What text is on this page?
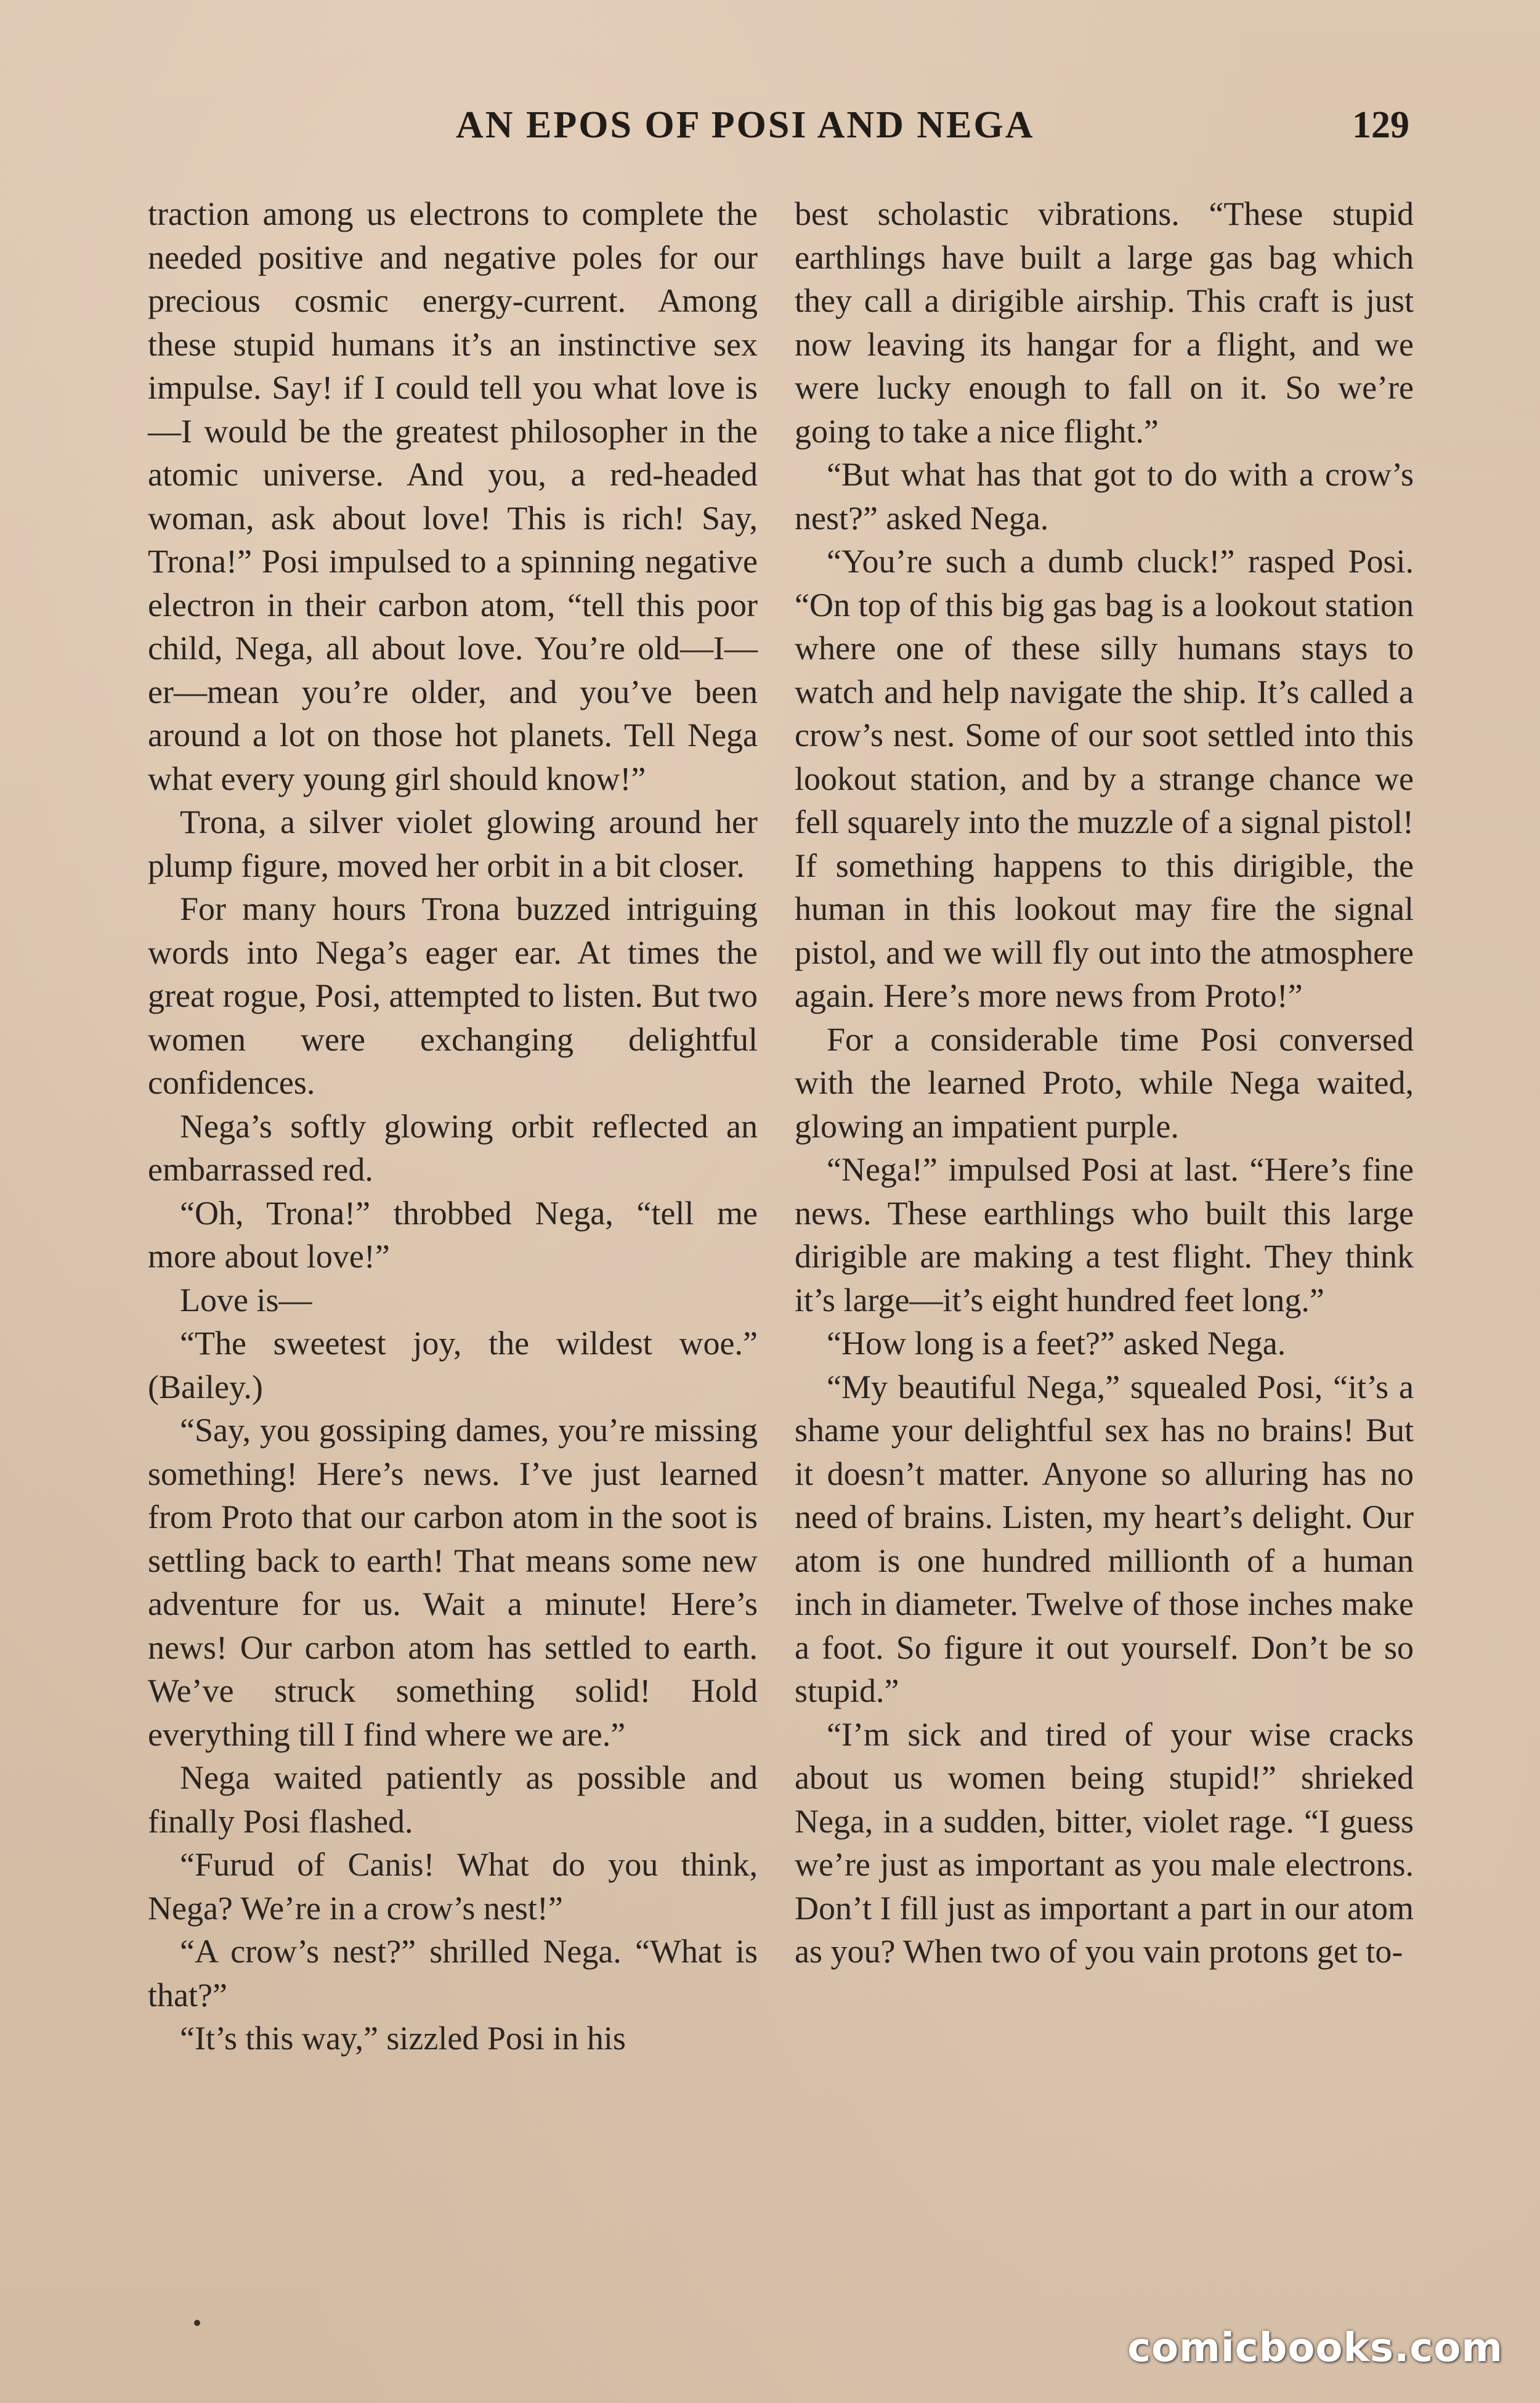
AN EPOS OF POSI AND NEGA	129

traction among us electrons to complete the needed positive and negative poles for our precious cosmic energy-current. Among these stupid humans it’s an instinctive sex impulse. Say! if I could tell you what love is—I would be the greatest philosopher in the atomic universe. And you, a red-headed woman, ask about love! This is rich! Say, Trona!” Posi impulsed to a spinning negative electron in their carbon atom, “tell this poor child, Nega, all about love. You’re old—I—er—mean you’re older, and you’ve been around a lot on those hot planets. Tell Nega what every young girl should know!”

Trona, a silver violet glowing around her plump figure, moved her orbit in a bit closer.

For many hours Trona buzzed intriguing words into Nega’s eager ear. At times the great rogue, Posi, attempted to listen. But two women were exchanging delightful confidences.

Nega’s softly glowing orbit reflected an embarrassed red.

“Oh, Trona!” throbbed Nega, “tell me more about love!”

Love is—

“The sweetest joy, the wildest woe.” (Bailey.)

“Say, you gossiping dames, you’re missing something! Here’s news. I’ve just learned from Proto that our carbon atom in the soot is settling back to earth! That means some new adventure for us. Wait a minute! Here’s news! Our carbon atom has settled to earth. We’ve struck something solid! Hold everything till I find where we are.”

Nega waited patiently as possible and finally Posi flashed.

“Furud of Canis! What do you think, Nega? We’re in a crow’s nest!”

“A crow’s nest?” shrilled Nega. “What is that?”

“It’s this way,” sizzled Posi in his

best scholastic vibrations. “These stupid earthlings have built a large gas bag which they call a dirigible airship. This craft is just now leaving its hangar for a flight, and we were lucky enough to fall on it. So we’re going to take a nice flight.”

“But what has that got to do with a crow’s nest?” asked Nega.

“You’re such a dumb cluck!” rasped Posi. “On top of this big gas bag is a lookout station where one of these silly humans stays to watch and help navigate the ship. It’s called a crow’s nest. Some of our soot settled into this lookout station, and by a strange chance we fell squarely into the muzzle of a signal pistol! If something happens to this dirigible, the human in this lookout may fire the signal pistol, and we will fly out into the atmosphere again. Here’s more news from Proto!”

For a considerable time Posi conversed with the learned Proto, while Nega waited, glowing an impatient purple.

“Nega!” impulsed Posi at last. “Here’s fine news. These earthlings who built this large dirigible are making a test flight. They think it’s large—it’s eight hundred feet long.”

“How long is a feet?” asked Nega.

“My beautiful Nega,” squealed Posi, “it’s a shame your delightful sex has no brains! But it doesn’t matter. Anyone so alluring has no need of brains. Listen, my heart’s delight. Our atom is one hundred millionth of a human inch in diameter. Twelve of those inches make a foot. So figure it out yourself. Don’t be so stupid.”

“I’m sick and tired of your wise cracks about us women being stupid!” shrieked Nega, in a sudden, bitter, violet rage. “I guess we’re just as important as you male electrons. Don’t I fill just as important a part in our atom as you? When two of you vain protons get to-

comicbooks.com
